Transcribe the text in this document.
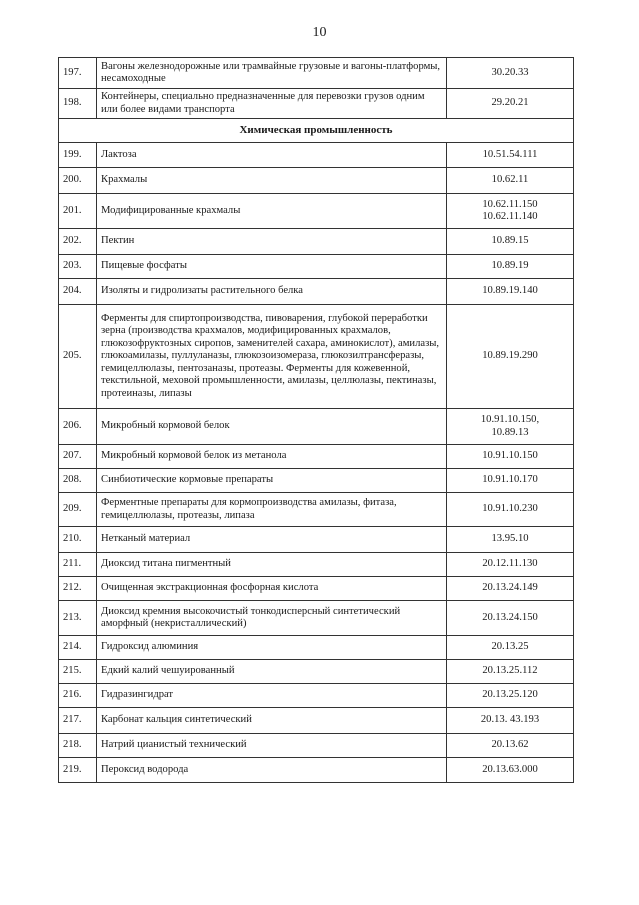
10
197.	Вагоны железнодорожные или трамвайные грузовые и вагоны-платформы, несамоходные	30.20.33

198.	Контейнеры, специально предназначенные для перевозки грузов одним или более видами транспорта	29.20.21

Химическая промышленность		
199.	Лактоза	10.51.54.111

200.	Крахмалы	10.62.11

201.	Модифицированные крахмалы	10.62.11.150
10.62.11.140

202.	Пектин	10.89.15

203.	Пищевые фосфаты	10.89.19

204.	Изоляты и гидролизаты растительного белка	10.89.19.140

205.	Ферменты для спиртопроизводства, пивоварения, глубокой переработки зерна (производства крахмалов, модифицированных крахмалов, глюкозофруктозных сиропов, заменителей сахара, аминокислот), амилазы, глюкоамилазы, пуллуланазы, глюкозоизомераза, глюкозилтрансферазы, гемицеллюлазы, пентозаназы, протеазы. Ферменты для кожевенной, текстильной, меховой промышленности, амилазы, целлюлазы, пектиназы, протеиназы, липазы	10.89.19.290

206.	Микробный кормовой белок	10.91.10.150,
10.89.13

207.	Микробный кормовой белок из метанола	10.91.10.150

208.	Синбиотические кормовые препараты	10.91.10.170

209.	Ферментные препараты для кормопроизводства амилазы, фитаза, гемицеллюлазы, протеазы, липаза	10.91.10.230

210.	Нетканый материал	13.95.10

211.	Диоксид титана пигментный	20.12.11.130

212.	Очищенная экстракционная фосфорная кислота	20.13.24.149

213.	Диоксид кремния высокочистый тонкодисперсный синтетический аморфный (некристаллический)	20.13.24.150

214.	Гидроксид алюминия	20.13.25

215.	Едкий калий чешуированный	20.13.25.112

216.	Гидразингидрат	20.13.25.120

217.	Карбонат кальция синтетический	20.13. 43.193

218.	Натрий цианистый технический	20.13.62

219.	Пероксид водорода	20.13.63.000
